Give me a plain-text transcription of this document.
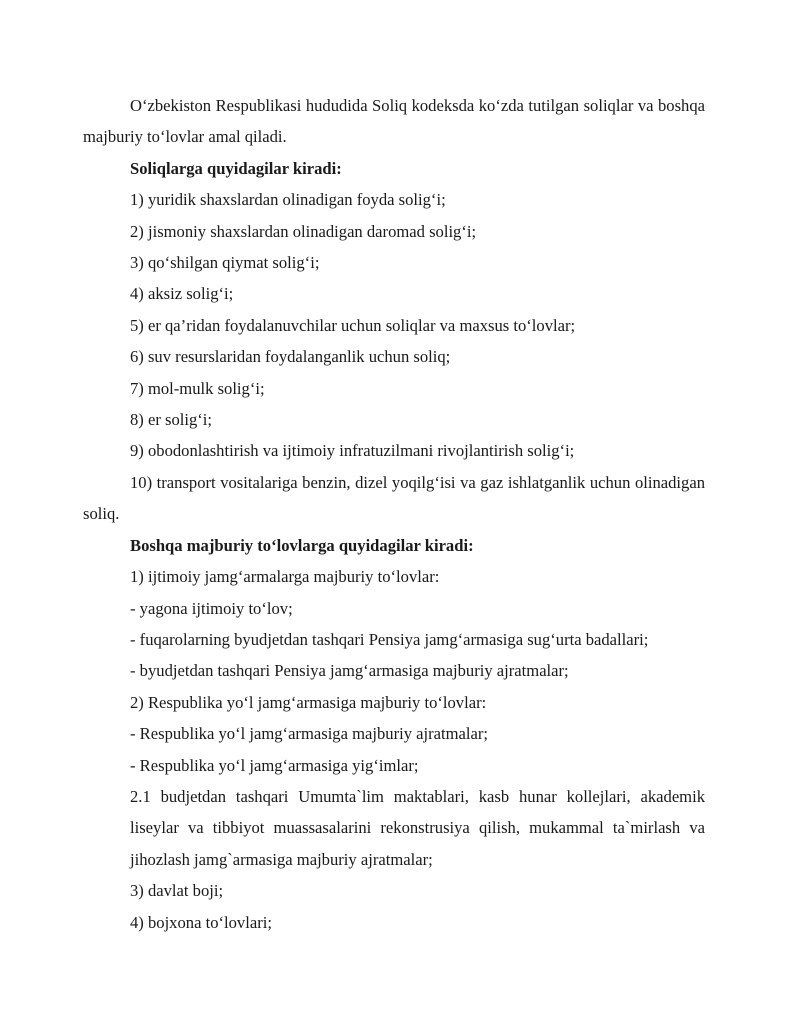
O‘zbekiston Respublikasi hududida Soliq kodeksda ko‘zda tutilgan soliqlar va boshqa majburiy to‘lovlar amal qiladi.

Soliqlarga quyidagilar kiradi:

1) yuridik shaxslardan olinadigan foyda solig‘i;

2) jismoniy shaxslardan olinadigan daromad solig‘i;

3) qo‘shilgan qiymat solig‘i;

4) aksiz solig‘i;

5) er qa’ridan foydalanuvchilar uchun soliqlar va maxsus to‘lovlar;

6) suv resurslaridan foydalanganlik uchun soliq;

7) mol-mulk solig‘i;

8) er solig‘i;

9) obodonlashtirish va ijtimoiy infratuzilmani rivojlantirish solig‘i;

10) transport vositalariga benzin, dizel yoqilg‘isi va gaz ishlatganlik uchun olinadigan soliq.

Boshqa majburiy to‘lovlarga quyidagilar kiradi:

1) ijtimoiy jamg‘armalarga majburiy to‘lovlar:

- yagona ijtimoiy to‘lov;

- fuqarolarning byudjetdan tashqari Pensiya jamg‘armasiga sug‘urta badallari;

- byudjetdan tashqari Pensiya jamg‘armasiga majburiy ajratmalar;

2) Respublika yo‘l jamg‘armasiga majburiy to‘lovlar:

- Respublika yo‘l jamg‘armasiga majburiy ajratmalar;

- Respublika yo‘l jamg‘armasiga yig‘imlar;

2.1 budjetdan tashqari Umumta`lim maktablari, kasb hunar kollejlari, akademik liseylar va tibbiyot muassasalarini rekonstrusiya qilish, mukammal ta`mirlash va jihozlash jamg`armasiga majburiy ajratmalar;

3) davlat boji;

4) bojxona to‘lovlari;
